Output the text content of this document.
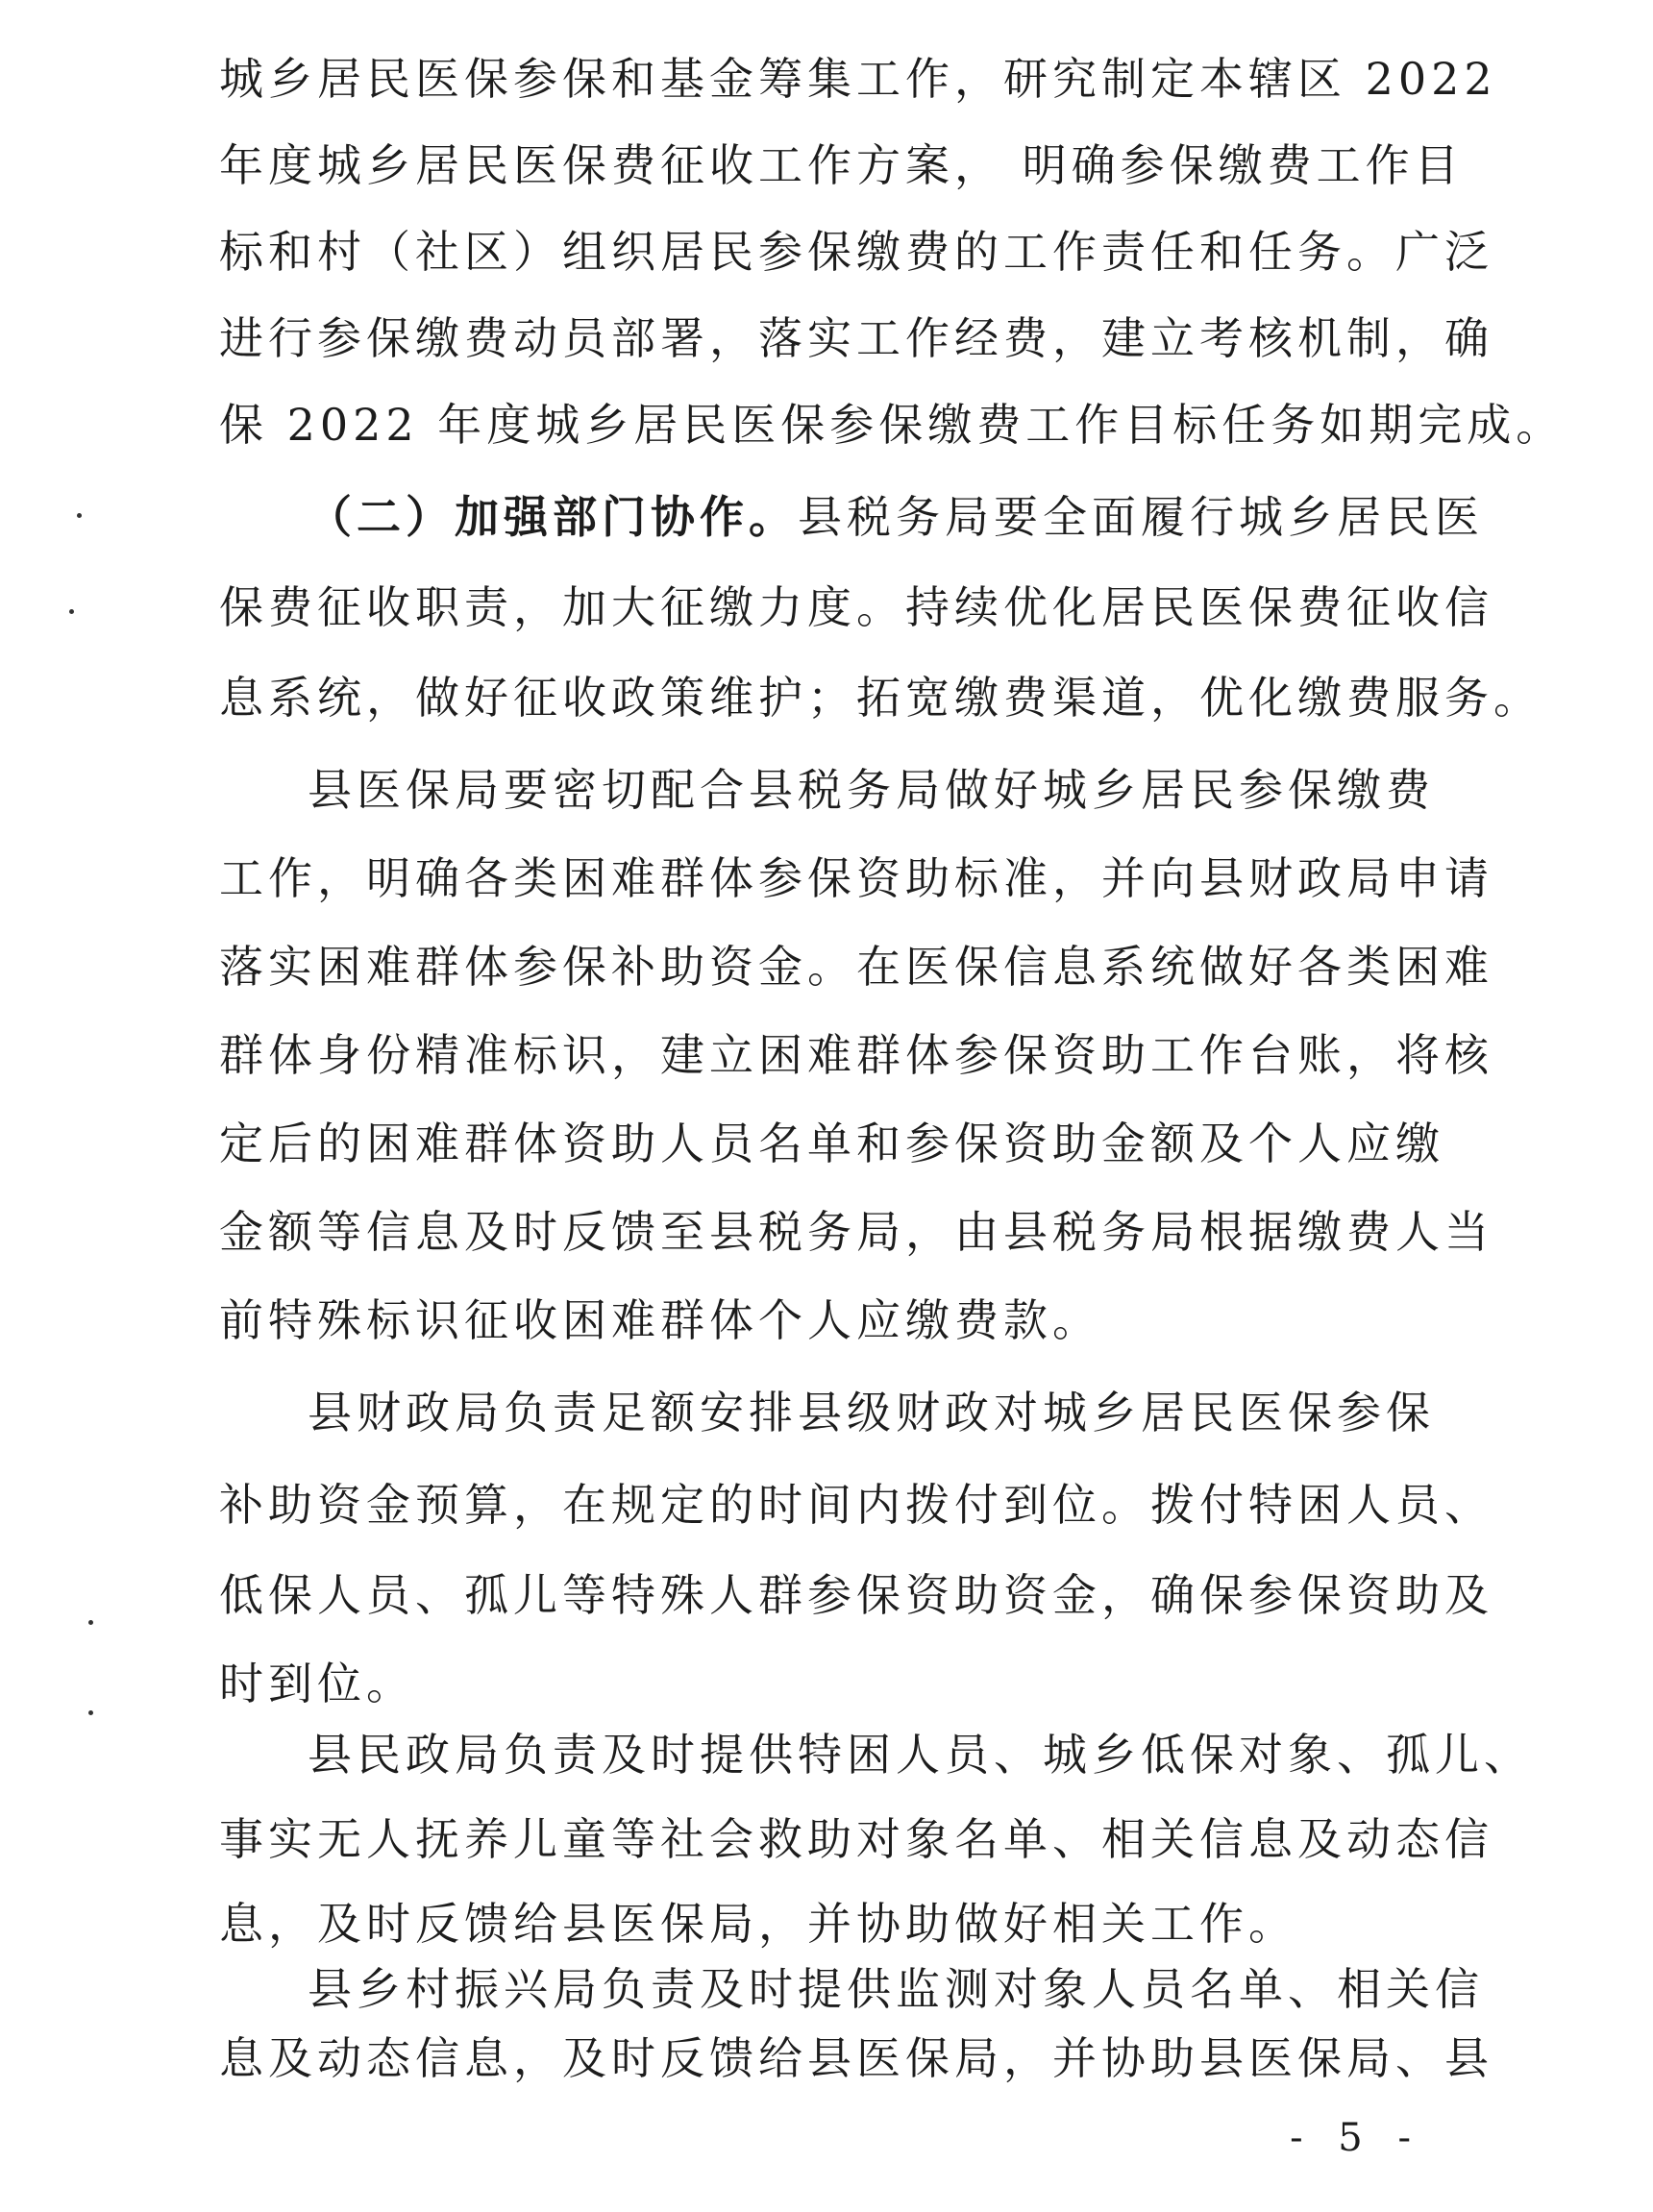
城乡居民医保参保和基金筹集工作，研究制定本辖区 2022
年度城乡居民医保费征收工作方案， 明确参保缴费工作目
标和村（社区）组织居民参保缴费的工作责任和任务。广泛
进行参保缴费动员部署，落实工作经费，建立考核机制，确
保 2022 年度城乡居民医保参保缴费工作目标任务如期完成。
（二）加强部门协作。县税务局要全面履行城乡居民医
保费征收职责，加大征缴力度。持续优化居民医保费征收信
息系统，做好征收政策维护；拓宽缴费渠道，优化缴费服务。
县医保局要密切配合县税务局做好城乡居民参保缴费
工作，明确各类困难群体参保资助标准，并向县财政局申请
落实困难群体参保补助资金。在医保信息系统做好各类困难
群体身份精准标识，建立困难群体参保资助工作台账，将核
定后的困难群体资助人员名单和参保资助金额及个人应缴
金额等信息及时反馈至县税务局，由县税务局根据缴费人当
前特殊标识征收困难群体个人应缴费款。
县财政局负责足额安排县级财政对城乡居民医保参保
补助资金预算，在规定的时间内拨付到位。拨付特困人员、
低保人员、孤儿等特殊人群参保资助资金，确保参保资助及
时到位。
县民政局负责及时提供特困人员、城乡低保对象、孤儿、
事实无人抚养儿童等社会救助对象名单、相关信息及动态信
息，及时反馈给县医保局，并协助做好相关工作。
- 5 -
县乡村振兴局负责及时提供监测对象人员名单、相关信
息及动态信息，及时反馈给县医保局，并协助县医保局、县
